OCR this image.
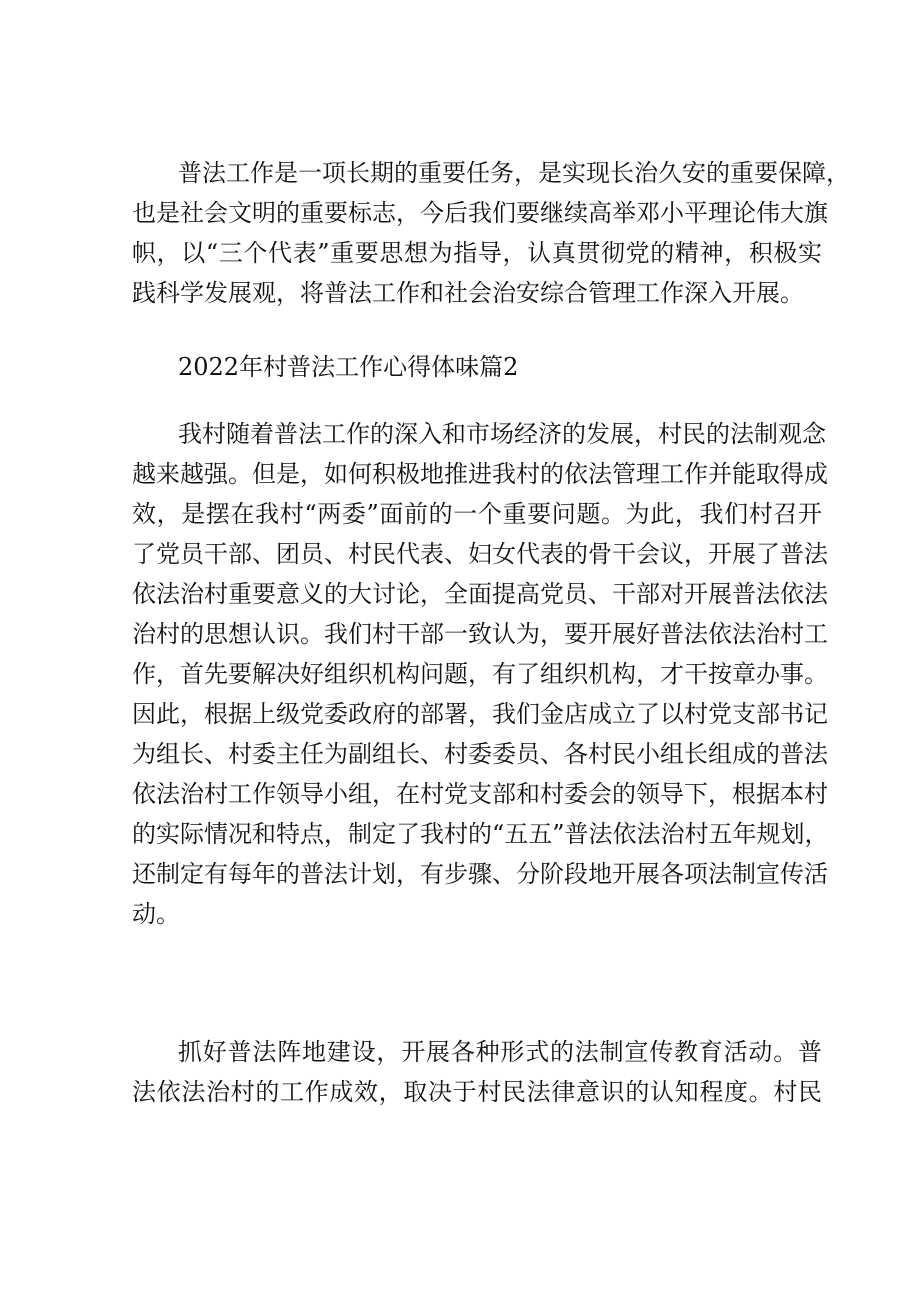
普法工作是一项长期的重要任务，是实现长治久安的重要保障，
也是社会文明的重要标志，今后我们要继续高举邓小平理论伟大旗
帜，以“三个代表”重要思想为指导，认真贯彻党的精神，积极实
践科学发展观，将普法工作和社会治安综合管理工作深入开展。
2022年村普法工作心得体味篇2
我村随着普法工作的深入和市场经济的发展，村民的法制观念
越来越强。但是，如何积极地推进我村的依法管理工作并能取得成
效，是摆在我村“两委”面前的一个重要问题。为此，我们村召开
了党员干部、团员、村民代表、妇女代表的骨干会议，开展了普法
依法治村重要意义的大讨论，全面提高党员、干部对开展普法依法
治村的思想认识。我们村干部一致认为，要开展好普法依法治村工
作，首先要解决好组织机构问题，有了组织机构，才干按章办事。
因此，根据上级党委政府的部署，我们金店成立了以村党支部书记
为组长、村委主任为副组长、村委委员、各村民小组长组成的普法
依法治村工作领导小组，在村党支部和村委会的领导下，根据本村
的实际情况和特点，制定了我村的“五五”普法依法治村五年规划，
还制定有每年的普法计划，有步骤、分阶段地开展各项法制宣传活
动。
抓好普法阵地建设，开展各种形式的法制宣传教育活动。普
法依法治村的工作成效，取决于村民法律意识的认知程度。村民
